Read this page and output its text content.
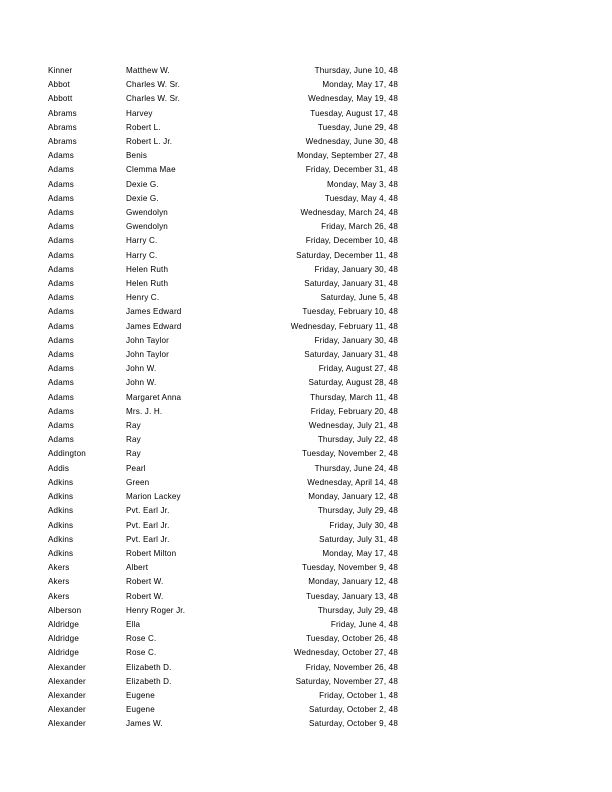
Kinner	Matthew W.	Thursday, June 10, 48
Abbot	Charles W. Sr.	Monday, May 17, 48
Abbott	Charles W. Sr.	Wednesday, May 19, 48
Abrams	Harvey	Tuesday, August 17, 48
Abrams	Robert L.	Tuesday, June 29, 48
Abrams	Robert L. Jr.	Wednesday, June 30, 48
Adams	Benis	Monday, September 27, 48
Adams	Clemma Mae	Friday, December 31, 48
Adams	Dexie G.	Monday, May 3, 48
Adams	Dexie G.	Tuesday, May 4, 48
Adams	Gwendolyn	Wednesday, March 24, 48
Adams	Gwendolyn	Friday, March 26, 48
Adams	Harry C.	Friday, December 10, 48
Adams	Harry C.	Saturday, December 11, 48
Adams	Helen Ruth	Friday, January 30, 48
Adams	Helen Ruth	Saturday, January 31, 48
Adams	Henry C.	Saturday, June 5, 48
Adams	James Edward	Tuesday, February 10, 48
Adams	James Edward	Wednesday, February 11, 48
Adams	John Taylor	Friday, January 30, 48
Adams	John Taylor	Saturday, January 31, 48
Adams	John W.	Friday, August 27, 48
Adams	John W.	Saturday, August 28, 48
Adams	Margaret Anna	Thursday, March 11, 48
Adams	Mrs. J. H.	Friday, February 20, 48
Adams	Ray	Wednesday, July 21, 48
Adams	Ray	Thursday, July 22, 48
Addington	Ray	Tuesday, November 2, 48
Addis	Pearl	Thursday, June 24, 48
Adkins	Green	Wednesday, April 14, 48
Adkins	Marion Lackey	Monday, January 12, 48
Adkins	Pvt. Earl Jr.	Thursday, July 29, 48
Adkins	Pvt. Earl Jr.	Friday, July 30, 48
Adkins	Pvt. Earl Jr.	Saturday, July 31, 48
Adkins	Robert Milton	Monday, May 17, 48
Akers	Albert	Tuesday, November 9, 48
Akers	Robert W.	Monday, January 12, 48
Akers	Robert W.	Tuesday, January 13, 48
Alberson	Henry Roger Jr.	Thursday, July 29, 48
Aldridge	Ella	Friday, June 4, 48
Aldridge	Rose C.	Tuesday, October 26, 48
Aldridge	Rose C.	Wednesday, October 27, 48
Alexander	Elizabeth D.	Friday, November 26, 48
Alexander	Elizabeth D.	Saturday, November 27, 48
Alexander	Eugene	Friday, October 1, 48
Alexander	Eugene	Saturday, October 2, 48
Alexander	James W.	Saturday, October 9, 48
